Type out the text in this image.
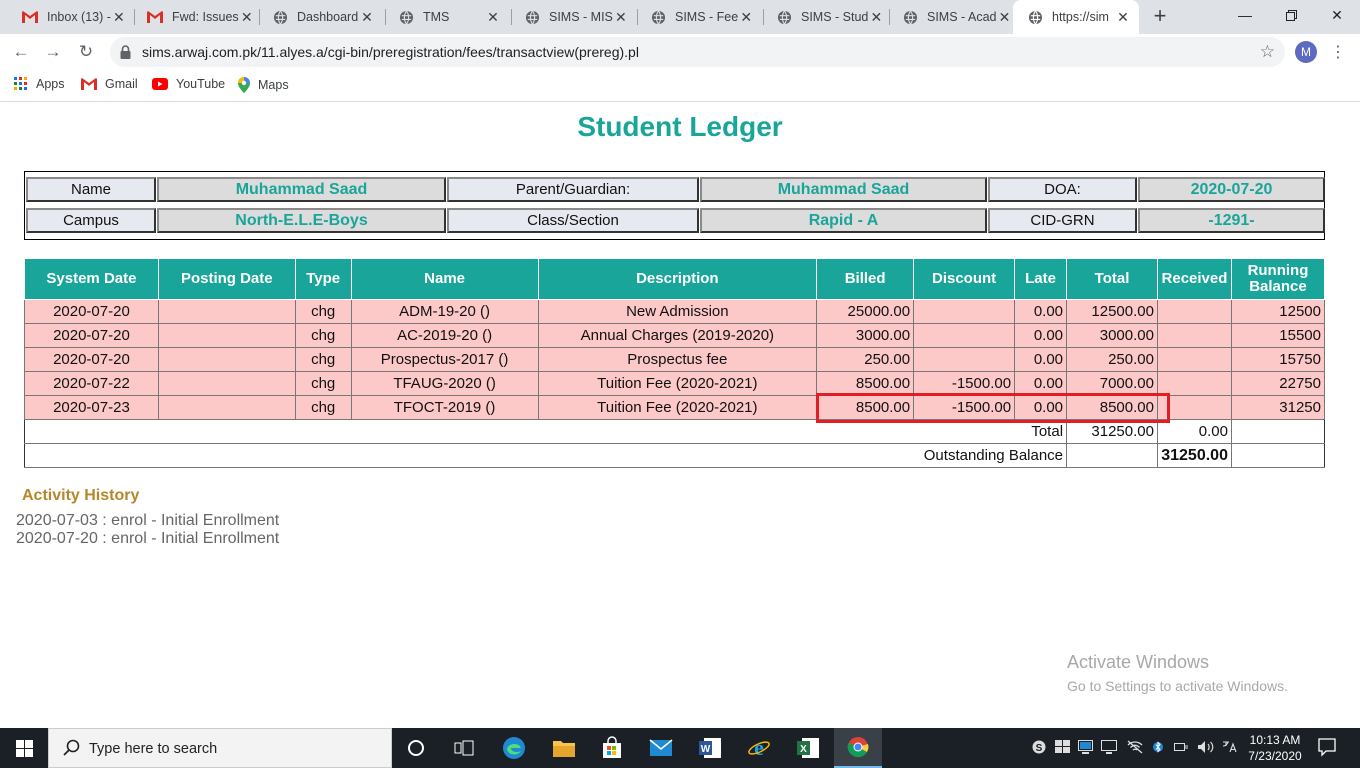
Inbox (13) - ✕	Fwd: Issues ✕	Dashboard ✕	TMS	✕	SIMS - MIS ✕	SIMS - Fee ✕	SIMS - Stud ✕	SIMS - Acad ✕	https://sim ✕ +	—	✕
← → ↻	sims.arwaj.com.pk/11.alyes.a/cgi-bin/preregistration/fees/transactview(prereg).pl	☆	M	⋮
Apps	Gmail	YouTube	Maps
Student Ledger
Name	Muhammad Saad	Parent/Guardian:	Muhammad Saad	DOA:	2020-07-20
Campus	North-E.L.E-Boys	Class/Section	Rapid - A	CID-GRN	-1291-
System Date	Posting Date	Type	Name	Description	Billed	Discount	Late	Total	Received	Running Balance
2020-07-20		chg	ADM-19-20 ()	New Admission	25000.00		0.00	12500.00		12500
2020-07-20		chg	AC-2019-20 ()	Annual Charges (2019-2020)	3000.00		0.00	3000.00		15500
2020-07-20		chg	Prospectus-2017 ()	Prospectus fee	250.00		0.00	250.00		15750
2020-07-22		chg	TFAUG-2020 ()	Tuition Fee (2020-2021)	8500.00	-1500.00	0.00	7000.00		22750
2020-07-23		chg	TFOCT-2019 ()	Tuition Fee (2020-2021)	8500.00	-1500.00	0.00	8500.00		31250
Total								31250.00	0.00	
Outstanding Balance									31250.00	
Activity History
2020-07-03 : enrol - Initial Enrollment
2020-07-20 : enrol - Initial Enrollment
Activate Windows
Go to Settings to activate Windows.
Type here to search	W e	X	S
10:13 AM
7/23/2020
